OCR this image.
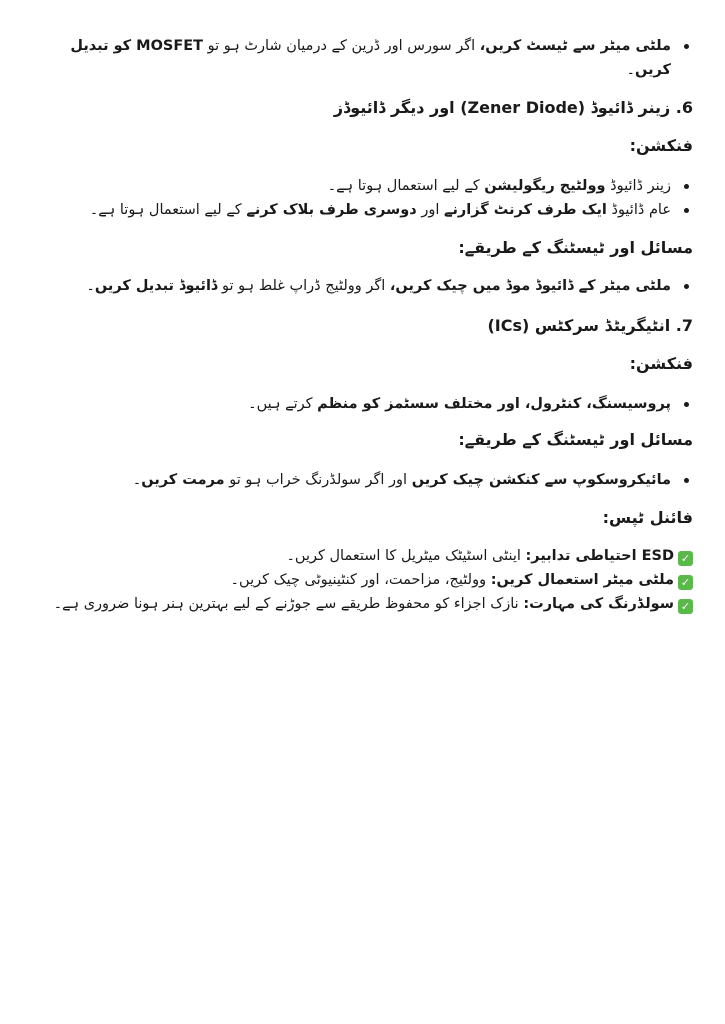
ملٹی میٹر سے ٹیسٹ کریں، اگر سورس اور ڈرین کے درمیان شارٹ ہو تو MOSFET کو تبدیل کریں۔
6. زینر ڈائیوڈ (Zener Diode) اور دیگر ڈائیوڈز
فنکشن:
زینر ڈائیوڈ وولٹیج ریگولیشن کے لیے استعمال ہوتا ہے۔
عام ڈائیوڈ ایک طرف کرنٹ گزارنے اور دوسری طرف بلاک کرنے کے لیے استعمال ہوتا ہے۔
مسائل اور ٹیسٹنگ کے طریقے:
ملٹی میٹر کے ڈائیوڈ موڈ میں چیک کریں، اگر وولٹیج ڈراپ غلط ہو تو ڈائیوڈ تبدیل کریں۔
7. انٹیگریٹڈ سرکٹس (ICs)
فنکشن:
پروسیسنگ، کنٹرول، اور مختلف سسٹمز کو منظم کرتے ہیں۔
مسائل اور ٹیسٹنگ کے طریقے:
مائیکروسکوپ سے کنکشن چیک کریں اور اگر سولڈرنگ خراب ہو تو مرمت کریں۔
فائنل ٹپس:
✓ESD احتیاطی تدابیر: اینٹی اسٹیٹک میٹریل کا استعمال کریں۔
✓ملٹی میٹر استعمال کریں: وولٹیج، مزاحمت، اور کنٹینیوٹی چیک کریں۔
✓سولڈرنگ کی مہارت: نازک اجزاء کو محفوظ طریقے سے جوڑنے کے لیے بہترین ہنر ہونا ضروری ہے۔
